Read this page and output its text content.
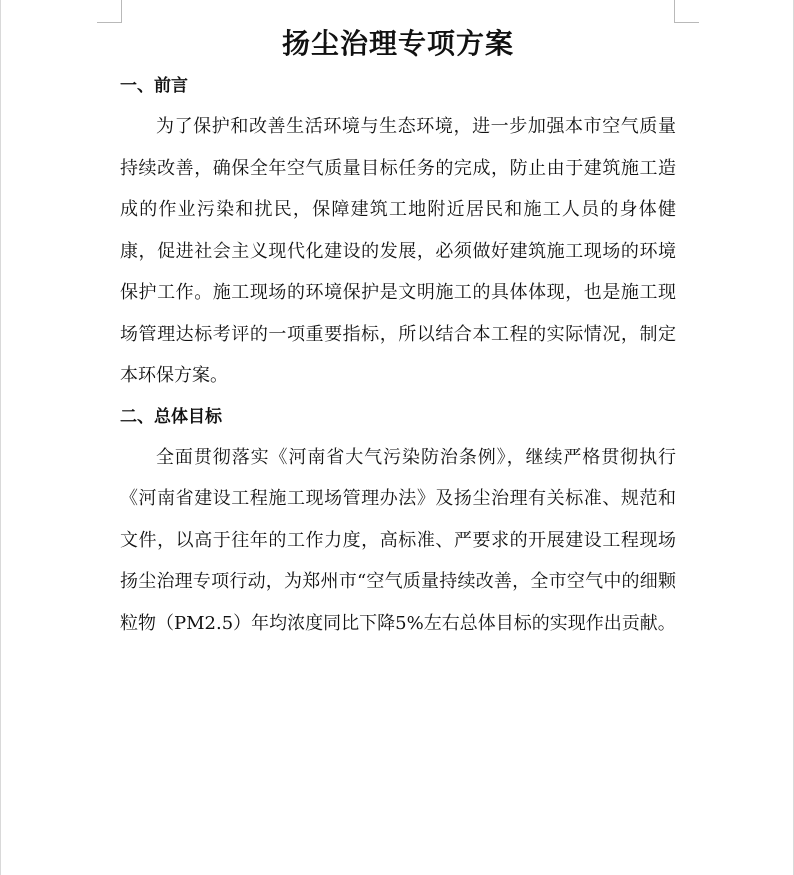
扬尘治理专项方案
一、前言

为了保护和改善生活环境与生态环境，进一步加强本市空气质量持续改善，确保全年空气质量目标任务的完成，防止由于建筑施工造成的作业污染和扰民，保障建筑工地附近居民和施工人员的身体健康，促进社会主义现代化建设的发展，必须做好建筑施工现场的环境保护工作。施工现场的环境保护是文明施工的具体体现，也是施工现场管理达标考评的一项重要指标，所以结合本工程的实际情况，制定本环保方案。

二、总体目标

全面贯彻落实《河南省大气污染防治条例》，继续严格贯彻执行《河南省建设工程施工现场管理办法》及扬尘治理有关标准、规范和文件，以高于往年的工作力度，高标准、严要求的开展建设工程现场扬尘治理专项行动，为郑州市“空气质量持续改善，全市空气中的细颗粒物（PM2.5）年均浓度同比下降5%左右总体目标的实现作出贡献。
